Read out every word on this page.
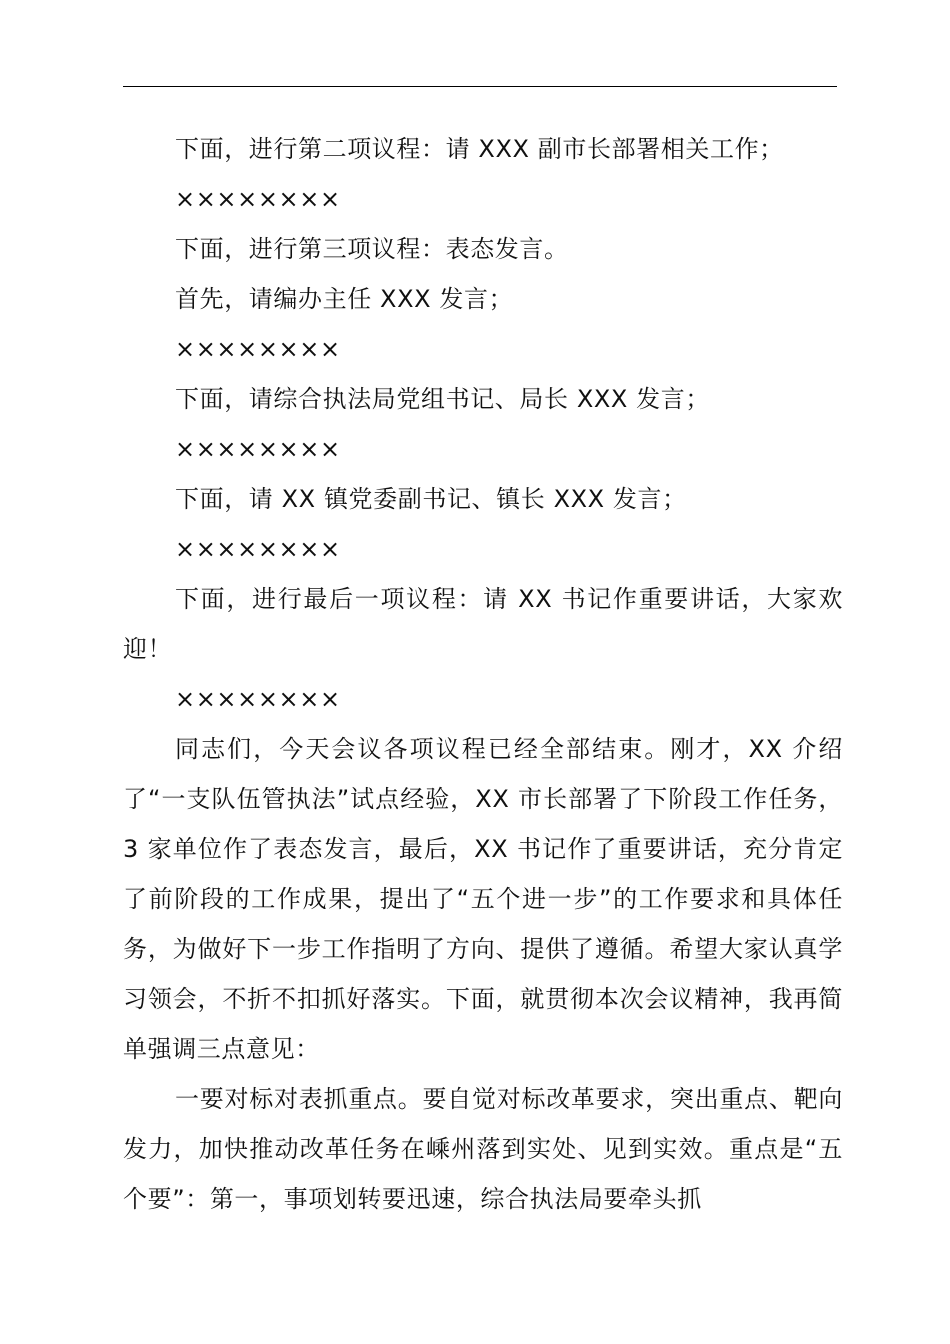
下面，进行第二项议程：请 XXX 副市长部署相关工作；

××××××××

下面，进行第三项议程：表态发言。

首先，请编办主任 XXX 发言；

××××××××

下面，请综合执法局党组书记、局长 XXX 发言；

××××××××

下面，请 XX 镇党委副书记、镇长 XXX 发言；

××××××××

下面，进行最后一项议程：请 XX 书记作重要讲话，大家欢迎！

××××××××

同志们，今天会议各项议程已经全部结束。刚才，XX 介绍了“一支队伍管执法”试点经验，XX 市长部署了下阶段工作任务，3 家单位作了表态发言，最后，XX 书记作了重要讲话，充分肯定了前阶段的工作成果，提出了“五个进一步”的工作要求和具体任务，为做好下一步工作指明了方向、提供了遵循。希望大家认真学习领会，不折不扣抓好落实。下面，就贯彻本次会议精神，我再简单强调三点意见：

一要对标对表抓重点。要自觉对标改革要求，突出重点、靶向发力，加快推动改革任务在嵊州落到实处、见到实效。重点是“五个要”：第一，事项划转要迅速，综合执法局要牵头抓
